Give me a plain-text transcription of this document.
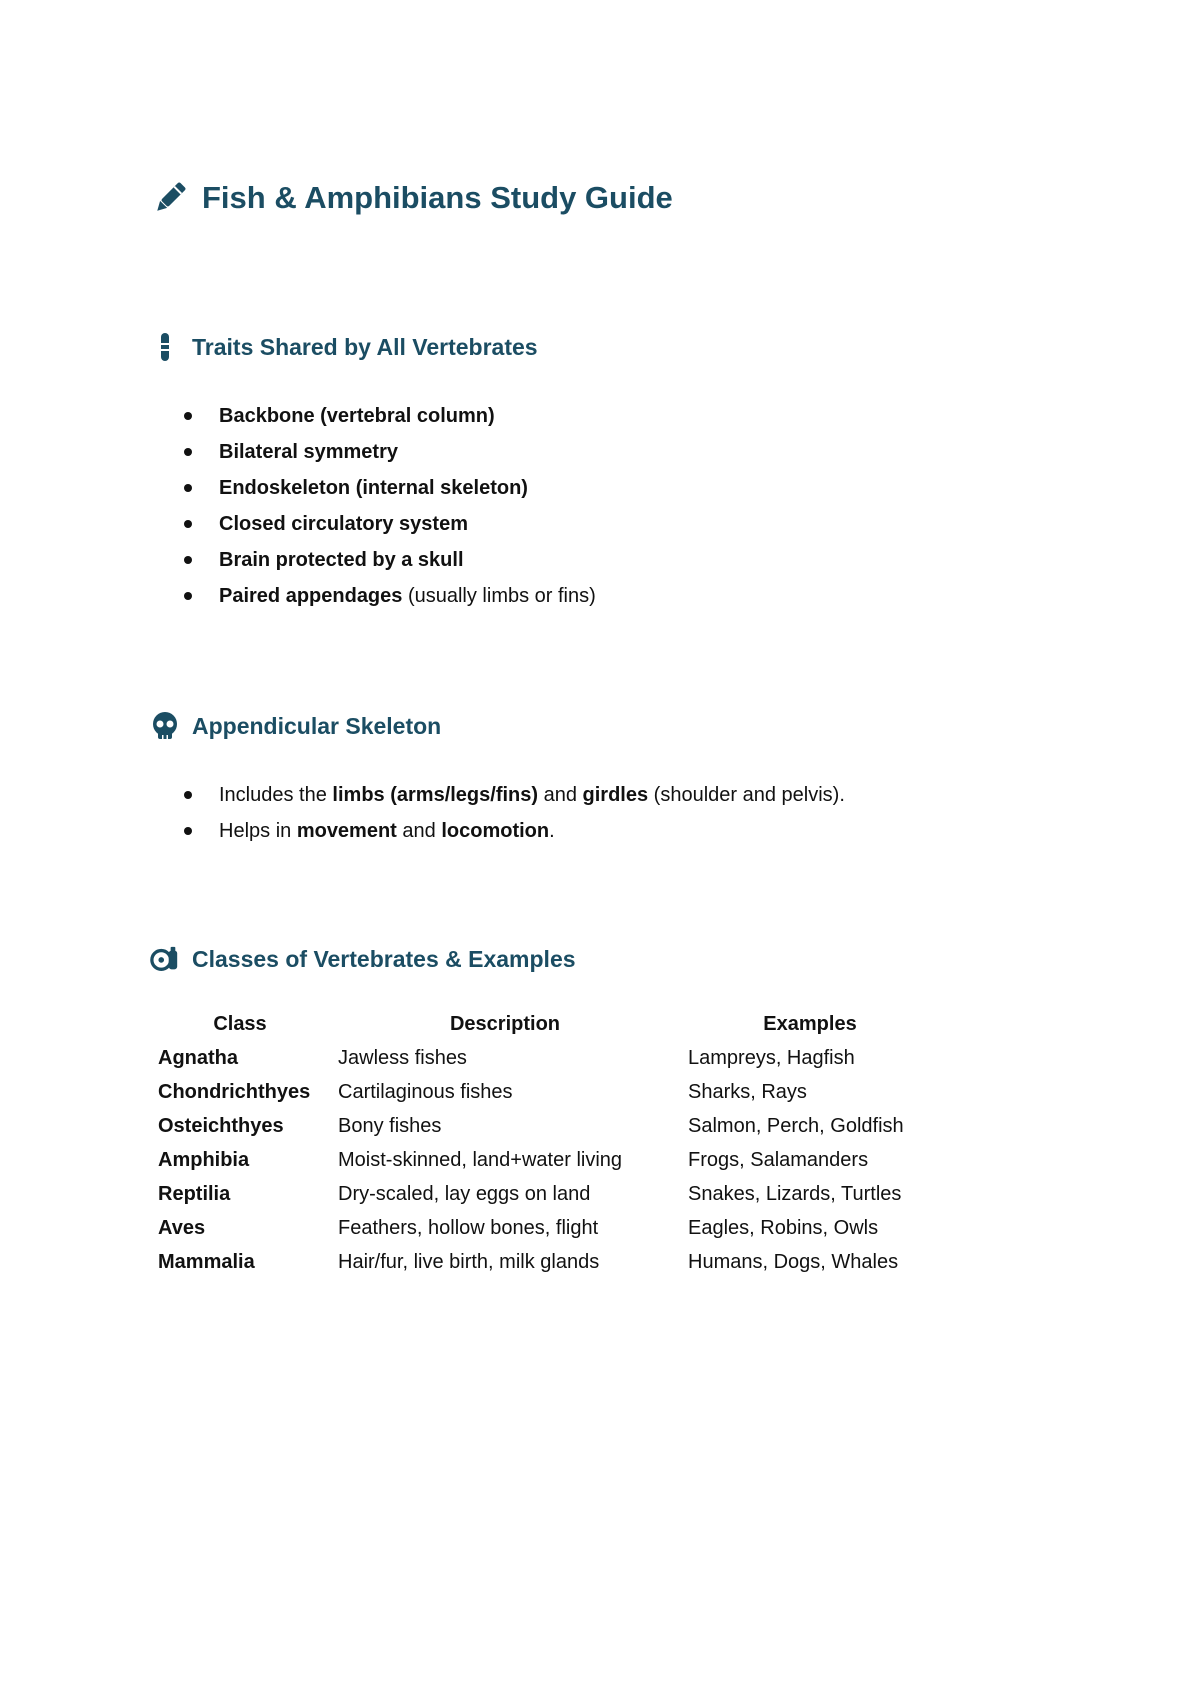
Fish & Amphibians Study Guide
Traits Shared by All Vertebrates
Backbone (vertebral column)
Bilateral symmetry
Endoskeleton (internal skeleton)
Closed circulatory system
Brain protected by a skull
Paired appendages (usually limbs or fins)
Appendicular Skeleton
Includes the limbs (arms/legs/fins) and girdles (shoulder and pelvis).
Helps in movement and locomotion.
Classes of Vertebrates & Examples
Class	Description	Examples
Agnatha	Jawless fishes	Lampreys, Hagfish
Chondrichthyes	Cartilaginous fishes	Sharks, Rays
Osteichthyes	Bony fishes	Salmon, Perch, Goldfish
Amphibia	Moist-skinned, land+water living	Frogs, Salamanders
Reptilia	Dry-scaled, lay eggs on land	Snakes, Lizards, Turtles
Aves	Feathers, hollow bones, flight	Eagles, Robins, Owls
Mammalia	Hair/fur, live birth, milk glands	Humans, Dogs, Whales
